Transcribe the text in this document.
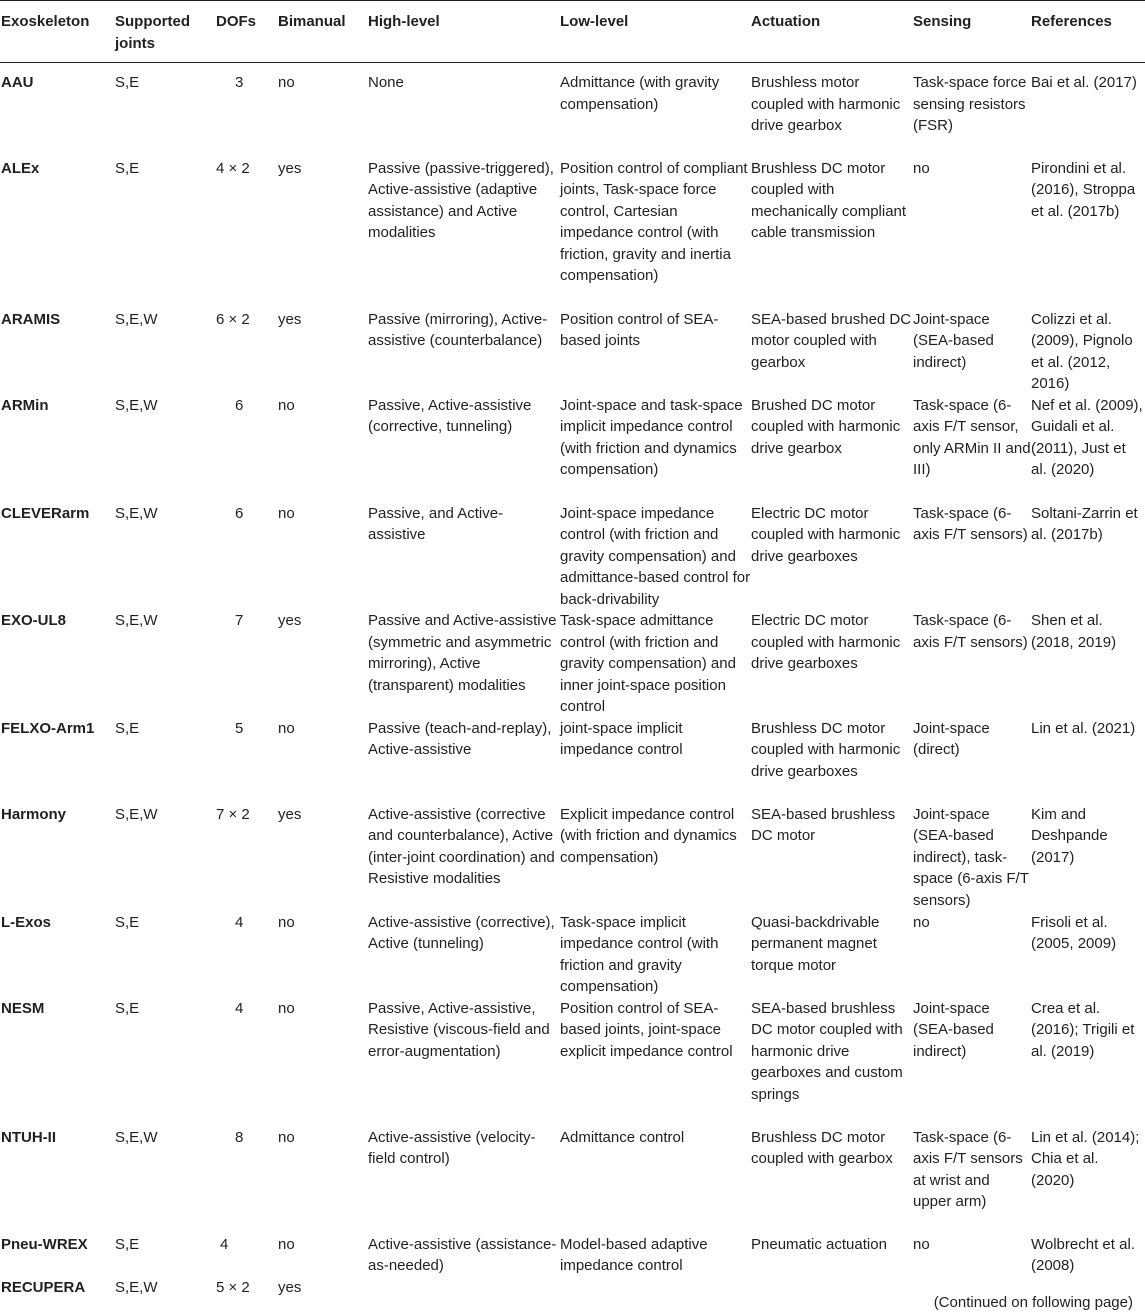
Exoskeleton	Supported joints	DOFs	Bimanual	High-level	Low-level	Actuation	Sensing	References
AAU	S,E	3	no	None	Admittance (with gravity compensation)	Brushless motor coupled with harmonic drive gearbox	Task-space force sensing resistors (FSR)	Bai et al. (2017)
ALEx	S,E	4 × 2	yes	Passive (passive-triggered), Active-assistive (adaptive assistance) and Active modalities	Position control of compliant joints, Task-space force control, Cartesian impedance control (with friction, gravity and inertia compensation)	Brushless DC motor coupled with mechanically compliant cable transmission	no	Pirondini et al. (2016), Stroppa et al. (2017b)
ARAMIS	S,E,W	6 × 2	yes	Passive (mirroring), Active-assistive (counterbalance)	Position control of SEA-based joints	SEA-based brushed DC motor coupled with gearbox	Joint-space (SEA-based indirect)	Colizzi et al. (2009), Pignolo et al. (2012, 2016)
ARMin	S,E,W	6	no	Passive, Active-assistive (corrective, tunneling)	Joint-space and task-space implicit impedance control (with friction and dynamics compensation)	Brushed DC motor coupled with harmonic drive gearbox	Task-space (6-axis F/T sensor, only ARMin II and III)	Nef et al. (2009), Guidali et al. (2011), Just et al. (2020)
CLEVERarm	S,E,W	6	no	Passive, and Active-assistive	Joint-space impedance control (with friction and gravity compensation) and admittance-based control for back-drivability	Electric DC motor coupled with harmonic drive gearboxes	Task-space (6-axis F/T sensors)	Soltani-Zarrin et al. (2017b)
EXO-UL8	S,E,W	7	yes	Passive and Active-assistive (symmetric and asymmetric mirroring), Active (transparent) modalities	Task-space admittance control (with friction and gravity compensation) and inner joint-space position control	Electric DC motor coupled with harmonic drive gearboxes	Task-space (6-axis F/T sensors)	Shen et al. (2018, 2019)
FELXO-Arm1	S,E	5	no	Passive (teach-and-replay), Active-assistive	joint-space implicit impedance control	Brushless DC motor coupled with harmonic drive gearboxes	Joint-space (direct)	Lin et al. (2021)
Harmony	S,E,W	7 × 2	yes	Active-assistive (corrective and counterbalance), Active (inter-joint coordination) and Resistive modalities	Explicit impedance control (with friction and dynamics compensation)	SEA-based brushless DC motor	Joint-space (SEA-based indirect), task-space (6-axis F/T sensors)	Kim and Deshpande (2017)
L-Exos	S,E	4	no	Active-assistive (corrective), Active (tunneling)	Task-space implicit impedance control (with friction and gravity compensation)	Quasi-backdrivable permanent magnet torque motor	no	Frisoli et al. (2005, 2009)
NESM	S,E	4	no	Passive, Active-assistive, Resistive (viscous-field and error-augmentation)	Position control of SEA-based joints, joint-space explicit impedance control	SEA-based brushless DC motor coupled with harmonic drive gearboxes and custom springs	Joint-space (SEA-based indirect)	Crea et al. (2016); Trigili et al. (2019)
NTUH-II	S,E,W	8	no	Active-assistive (velocity-field control)	Admittance control	Brushless DC motor coupled with gearbox	Task-space (6-axis F/T sensors at wrist and upper arm)	Lin et al. (2014); Chia et al. (2020)
Pneu-WREX	S,E	4	no	Active-assistive (assistance-as-needed)	Model-based adaptive impedance control	Pneumatic actuation	no	Wolbrecht et al. (2008)
RECUPERA	S,E,W	5 × 2	yes					
(Continued on following page)
